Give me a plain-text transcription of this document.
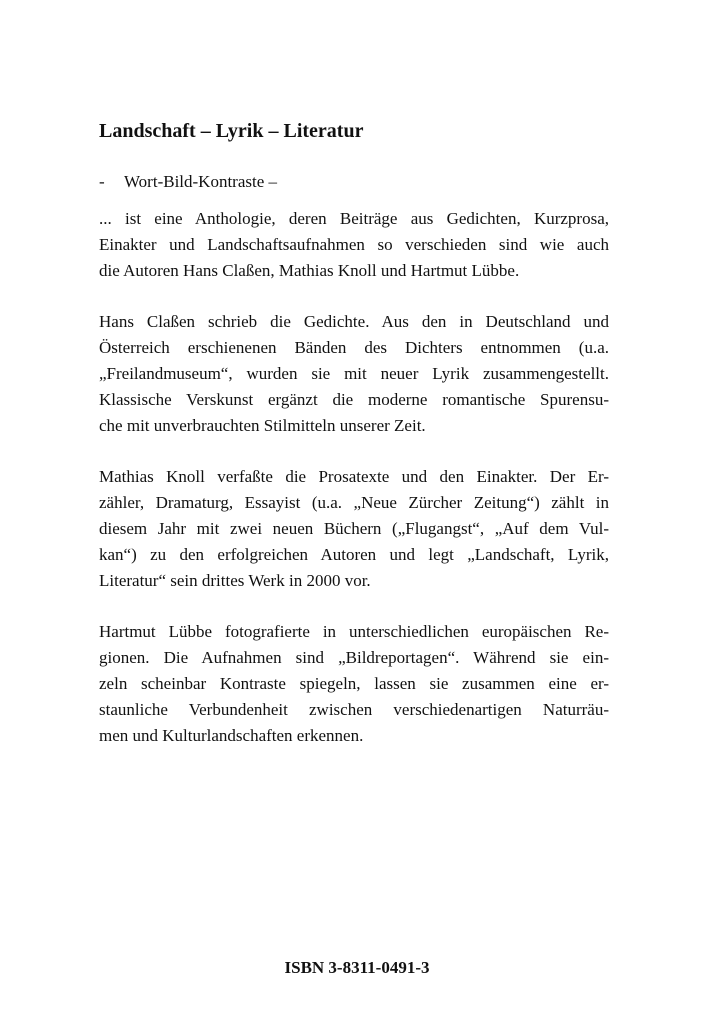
Landschaft – Lyrik – Literatur

- Wort-Bild-Kontraste –

... ist eine Anthologie, deren Beiträge aus Gedichten, Kurzprosa,
Einakter und Landschaftsaufnahmen so verschieden sind wie auch
die Autoren Hans Claßen, Mathias Knoll und Hartmut Lübbe.

Hans Claßen schrieb die Gedichte. Aus den in Deutschland und
Österreich erschienenen Bänden des Dichters entnommen (u.a.
„Freilandmuseum“, wurden sie mit neuer Lyrik zusammengestellt.
Klassische Verskunst ergänzt die moderne romantische Spurensu-
che mit unverbrauchten Stilmitteln unserer Zeit.

Mathias Knoll verfaßte die Prosatexte und den Einakter. Der Er-
zähler, Dramaturg, Essayist (u.a. „Neue Zürcher Zeitung“) zählt in
diesem Jahr mit zwei neuen Büchern („Flugangst“, „Auf dem Vul-
kan“) zu den erfolgreichen Autoren und legt „Landschaft, Lyrik,
Literatur“ sein drittes Werk in 2000 vor.

Hartmut Lübbe fotografierte in unterschiedlichen europäischen Re-
gionen. Die Aufnahmen sind „Bildreportagen“. Während sie ein-
zeln scheinbar Kontraste spiegeln, lassen sie zusammen eine er-
staunliche Verbundenheit zwischen verschiedenartigen Naturräu-
men und Kulturlandschaften erkennen.

ISBN 3-8311-0491-3
